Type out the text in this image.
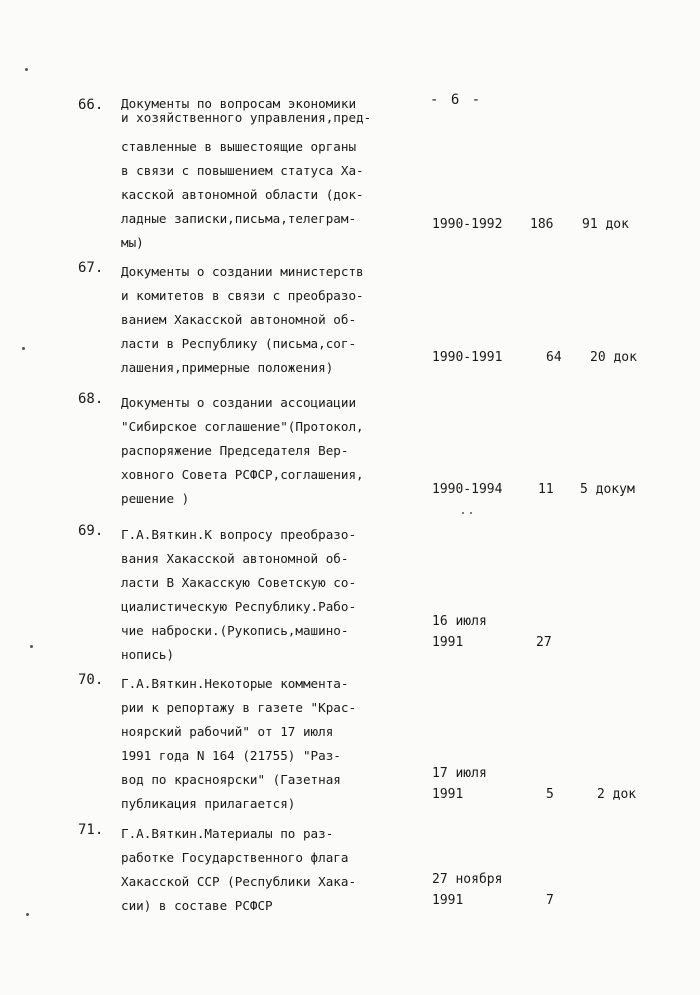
- 6 -
66. Документы по вопросам экономики
и хозяйственного управления,пред-
ставленные в вышестоящие органы
в связи с повышением статуса Ха-
касской автономной области (док-
ладные записки,письма,телеграм-
мы)
1990-1992 186 91 док
67. Документы о создании министерств
и комитетов в связи с преобразо-
ванием Хакасской автономной об-
ласти в Республику (письма,сог-
лашения,примерные положения)
1990-1991	64 20 док
68. Документы о создании ассоциации
"Сибирское соглашение"(Протокол,
распоряжение Председателя Вер-
ховного Совета РСФСР,соглашения,
решение )
1990-1994	11 5 докум
69. Г.А.Вяткин.К вопросу преобразо-
вания Хакасской автономной об-
ласти В Хакасскую Советскую со-
циалистическую Республику.Рабо-
чие наброски.(Рукопись,машино-
нопись)
16 июля
1991	27
70. Г.А.Вяткин.Некоторые коммента-
рии к репортажу в газете "Крас-
ноярский рабочий" от 17 июля
1991 года N 164 (21755) "Раз-
вод по красноярски" (Газетная
публикация прилагается)
17 июля
1991	5	2 док
71. Г.А.Вяткин.Материалы по раз-
работке Государственного флага
Хакасской ССР (Республики Хака-
сии) в составе РСФСР
27 ноября
1991	7
